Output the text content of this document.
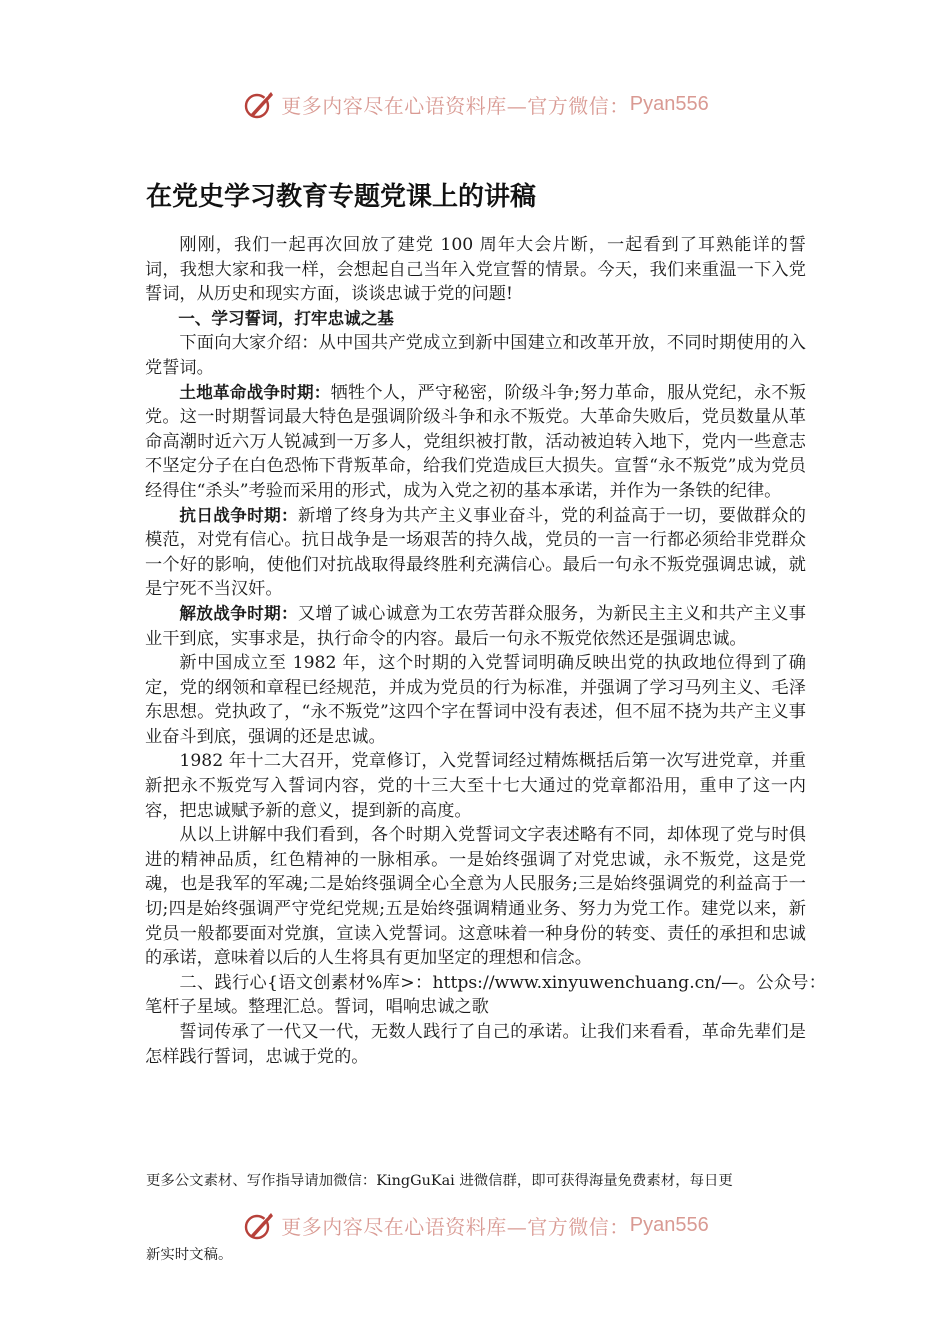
更多内容尽在心语资料库—官方微信： Pyan556
在党史学习教育专题党课上的讲稿

刚刚，我们一起再次回放了建党 100 周年大会片断，一起看到了耳熟能详的誓词，我想大家和我一样，会想起自己当年入党宣誓的情景。今天，我们来重温一下入党誓词，从历史和现实方面，谈谈忠诚于党的问题!

一、学习誓词，打牢忠诚之基

下面向大家介绍：从中国共产党成立到新中国建立和改革开放，不同时期使用的入党誓词。

土地革命战争时期：牺牲个人，严守秘密，阶级斗争;努力革命，服从党纪，永不叛党。这一时期誓词最大特色是强调阶级斗争和永不叛党。大革命失败后，党员数量从革命高潮时近六万人锐减到一万多人，党组织被打散，活动被迫转入地下，党内一些意志不坚定分子在白色恐怖下背叛革命，给我们党造成巨大损失。宣誓“永不叛党”成为党员经得住“杀头”考验而采用的形式，成为入党之初的基本承诺，并作为一条铁的纪律。

抗日战争时期：新增了终身为共产主义事业奋斗，党的利益高于一切，要做群众的模范，对党有信心。抗日战争是一场艰苦的持久战，党员的一言一行都必须给非党群众一个好的影响，使他们对抗战取得最终胜利充满信心。最后一句永不叛党强调忠诚，就是宁死不当汉奸。

解放战争时期：又增了诚心诚意为工农劳苦群众服务，为新民主主义和共产主义事业干到底，实事求是，执行命令的内容。最后一句永不叛党依然还是强调忠诚。

新中国成立至 1982 年，这个时期的入党誓词明确反映出党的执政地位得到了确定，党的纲领和章程已经规范，并成为党员的行为标准，并强调了学习马列主义、毛泽东思想。党执政了，“永不叛党”这四个字在誓词中没有表述，但不屈不挠为共产主义事业奋斗到底，强调的还是忠诚。

1982 年十二大召开，党章修订，入党誓词经过精炼概括后第一次写进党章，并重新把永不叛党写入誓词内容，党的十三大至十七大通过的党章都沿用，重申了这一内容，把忠诚赋予新的意义，提到新的高度。

从以上讲解中我们看到，各个时期入党誓词文字表述略有不同，却体现了党与时俱进的精神品质，红色精神的一脉相承。一是始终强调了对党忠诚，永不叛党，这是党魂，也是我军的军魂;二是始终强调全心全意为人民服务;三是始终强调党的利益高于一切;四是始终强调严守党纪党规;五是始终强调精通业务、努力为党工作。建党以来，新党员一般都要面对党旗，宣读入党誓词。这意味着一种身份的转变、责任的承担和忠诚的承诺，意味着以后的人生将具有更加坚定的理想和信念。

二、践行心{语文创素材%库>：https://www.xinyuwenchuang.cn/—。公众号：笔杆子星域。整理汇总。誓词，唱响忠诚之歌

誓词传承了一代又一代，无数人践行了自己的承诺。让我们来看看，革命先辈们是怎样践行誓词，忠诚于党的。

更多公文素材、写作指导请加微信：KingGuKai 进微信群，即可获得海量免费素材，每日更
更多内容尽在心语资料库—官方微信： Pyan556
新实时文稿。
